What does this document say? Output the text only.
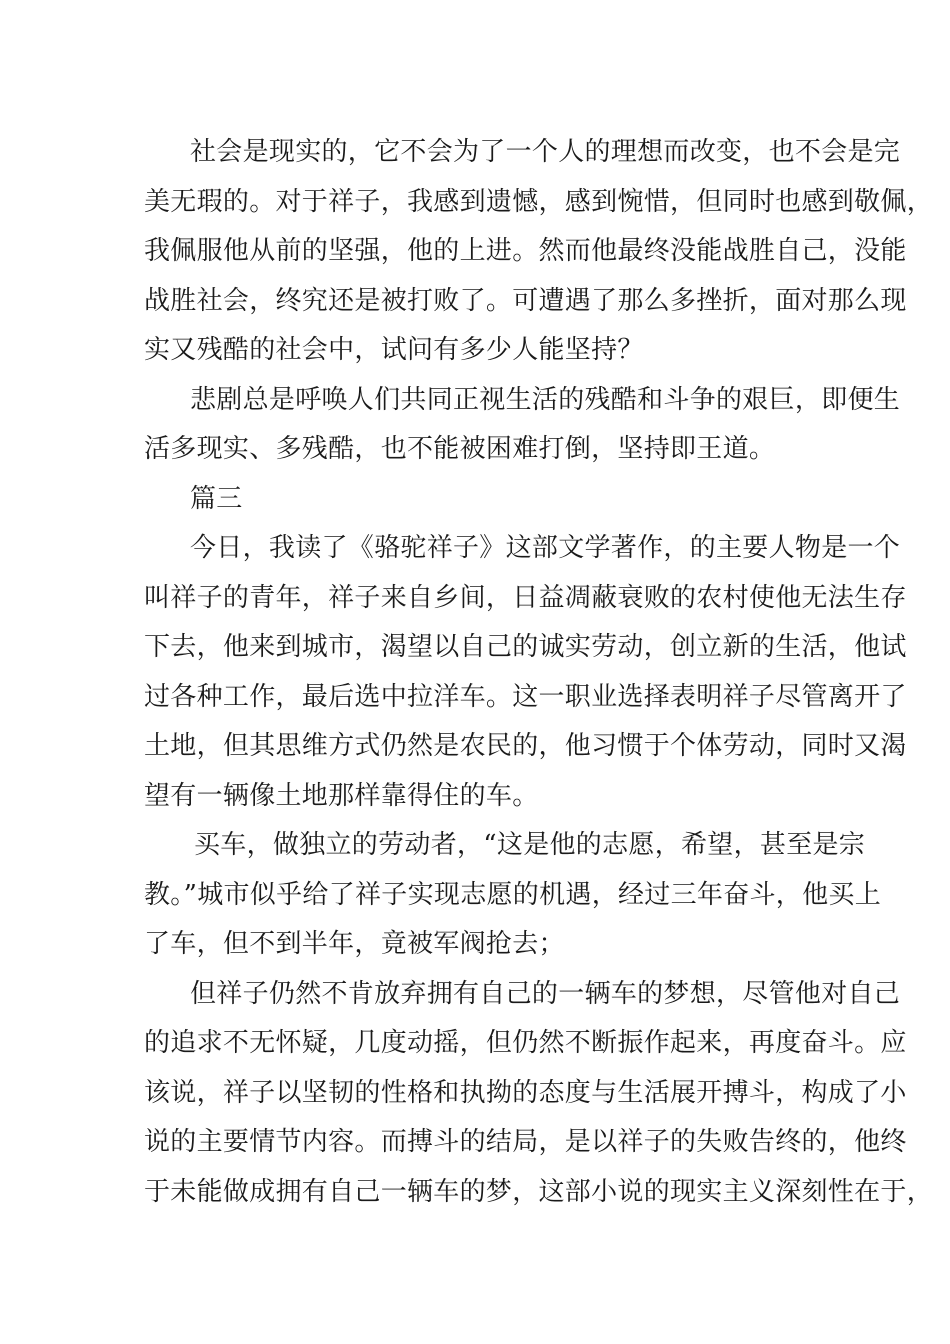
社会是现实的，它不会为了一个人的理想而改变，也不会是完
美无瑕的。对于祥子，我感到遗憾，感到惋惜，但同时也感到敬佩，
我佩服他从前的坚强，他的上进。然而他最终没能战胜自己，没能
战胜社会，终究还是被打败了。可遭遇了那么多挫折，面对那么现
实又残酷的社会中，试问有多少人能坚持？
悲剧总是呼唤人们共同正视生活的残酷和斗争的艰巨，即便生
活多现实、多残酷，也不能被困难打倒，坚持即王道。
篇三
今日，我读了《骆驼祥子》这部文学著作，的主要人物是一个
叫祥子的青年，祥子来自乡间，日益凋蔽衰败的农村使他无法生存
下去，他来到城市，渴望以自己的诚实劳动，创立新的生活，他试
过各种工作，最后选中拉洋车。这一职业选择表明祥子尽管离开了
土地，但其思维方式仍然是农民的，他习惯于个体劳动，同时又渴
望有一辆像土地那样靠得住的车。
买车，做独立的劳动者，“这是他的志愿，希望，甚至是宗
教。”城市似乎给了祥子实现志愿的机遇，经过三年奋斗，他买上
了车，但不到半年，竟被军阀抢去；
但祥子仍然不肯放弃拥有自己的一辆车的梦想，尽管他对自己
的追求不无怀疑，几度动摇，但仍然不断振作起来，再度奋斗。应
该说，祥子以坚韧的性格和执拗的态度与生活展开搏斗，构成了小
说的主要情节内容。而搏斗的结局，是以祥子的失败告终的，他终
于未能做成拥有自己一辆车的梦，这部小说的现实主义深刻性在于，
